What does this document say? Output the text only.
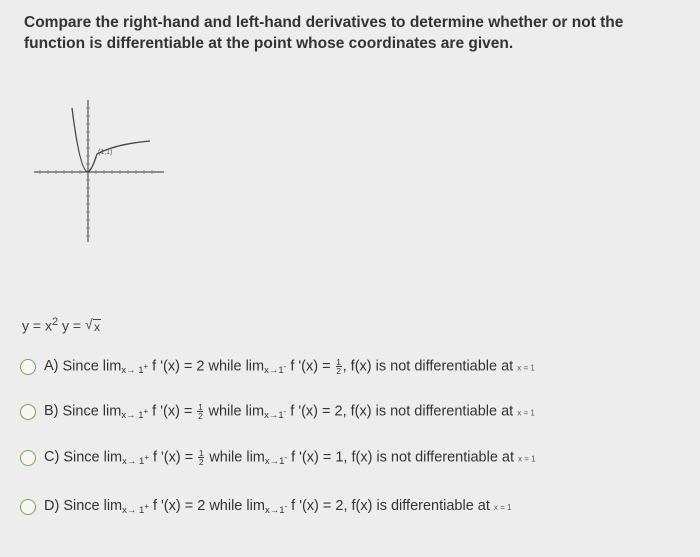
Compare the right-hand and left-hand derivatives to determine whether or not the function is differentiable at the point whose coordinates are given.
(1,1)
$y = x^2$ y = √ x
A) Since $\lim_{x\to 1^+} f$ '(x) = 2 while $\lim_{x\to 1^-} f$ '$(x) = \frac{1}{2}$ , f(x) is not differentiable at x = 1
B) Since $\lim_{x\to 1^+} f$ '$(x) = \frac{1}{2}$ while $\lim_{x\to 1^-} f$ '(x) = 2, f(x) is not differentiable at x = 1
C) Since $\lim_{x\to 1^+} f$ '$(x) = \frac{1}{2}$ while $\lim_{x\to 1^-} f$ '(x) = 1, f(x) is not differentiable at x = 1
D) Since $\lim_{x\to 1^+} f$ '(x) = 2 while $\lim_{x\to 1^-} f$ '(x) = 2, f(x) is differentiable at x = 1
